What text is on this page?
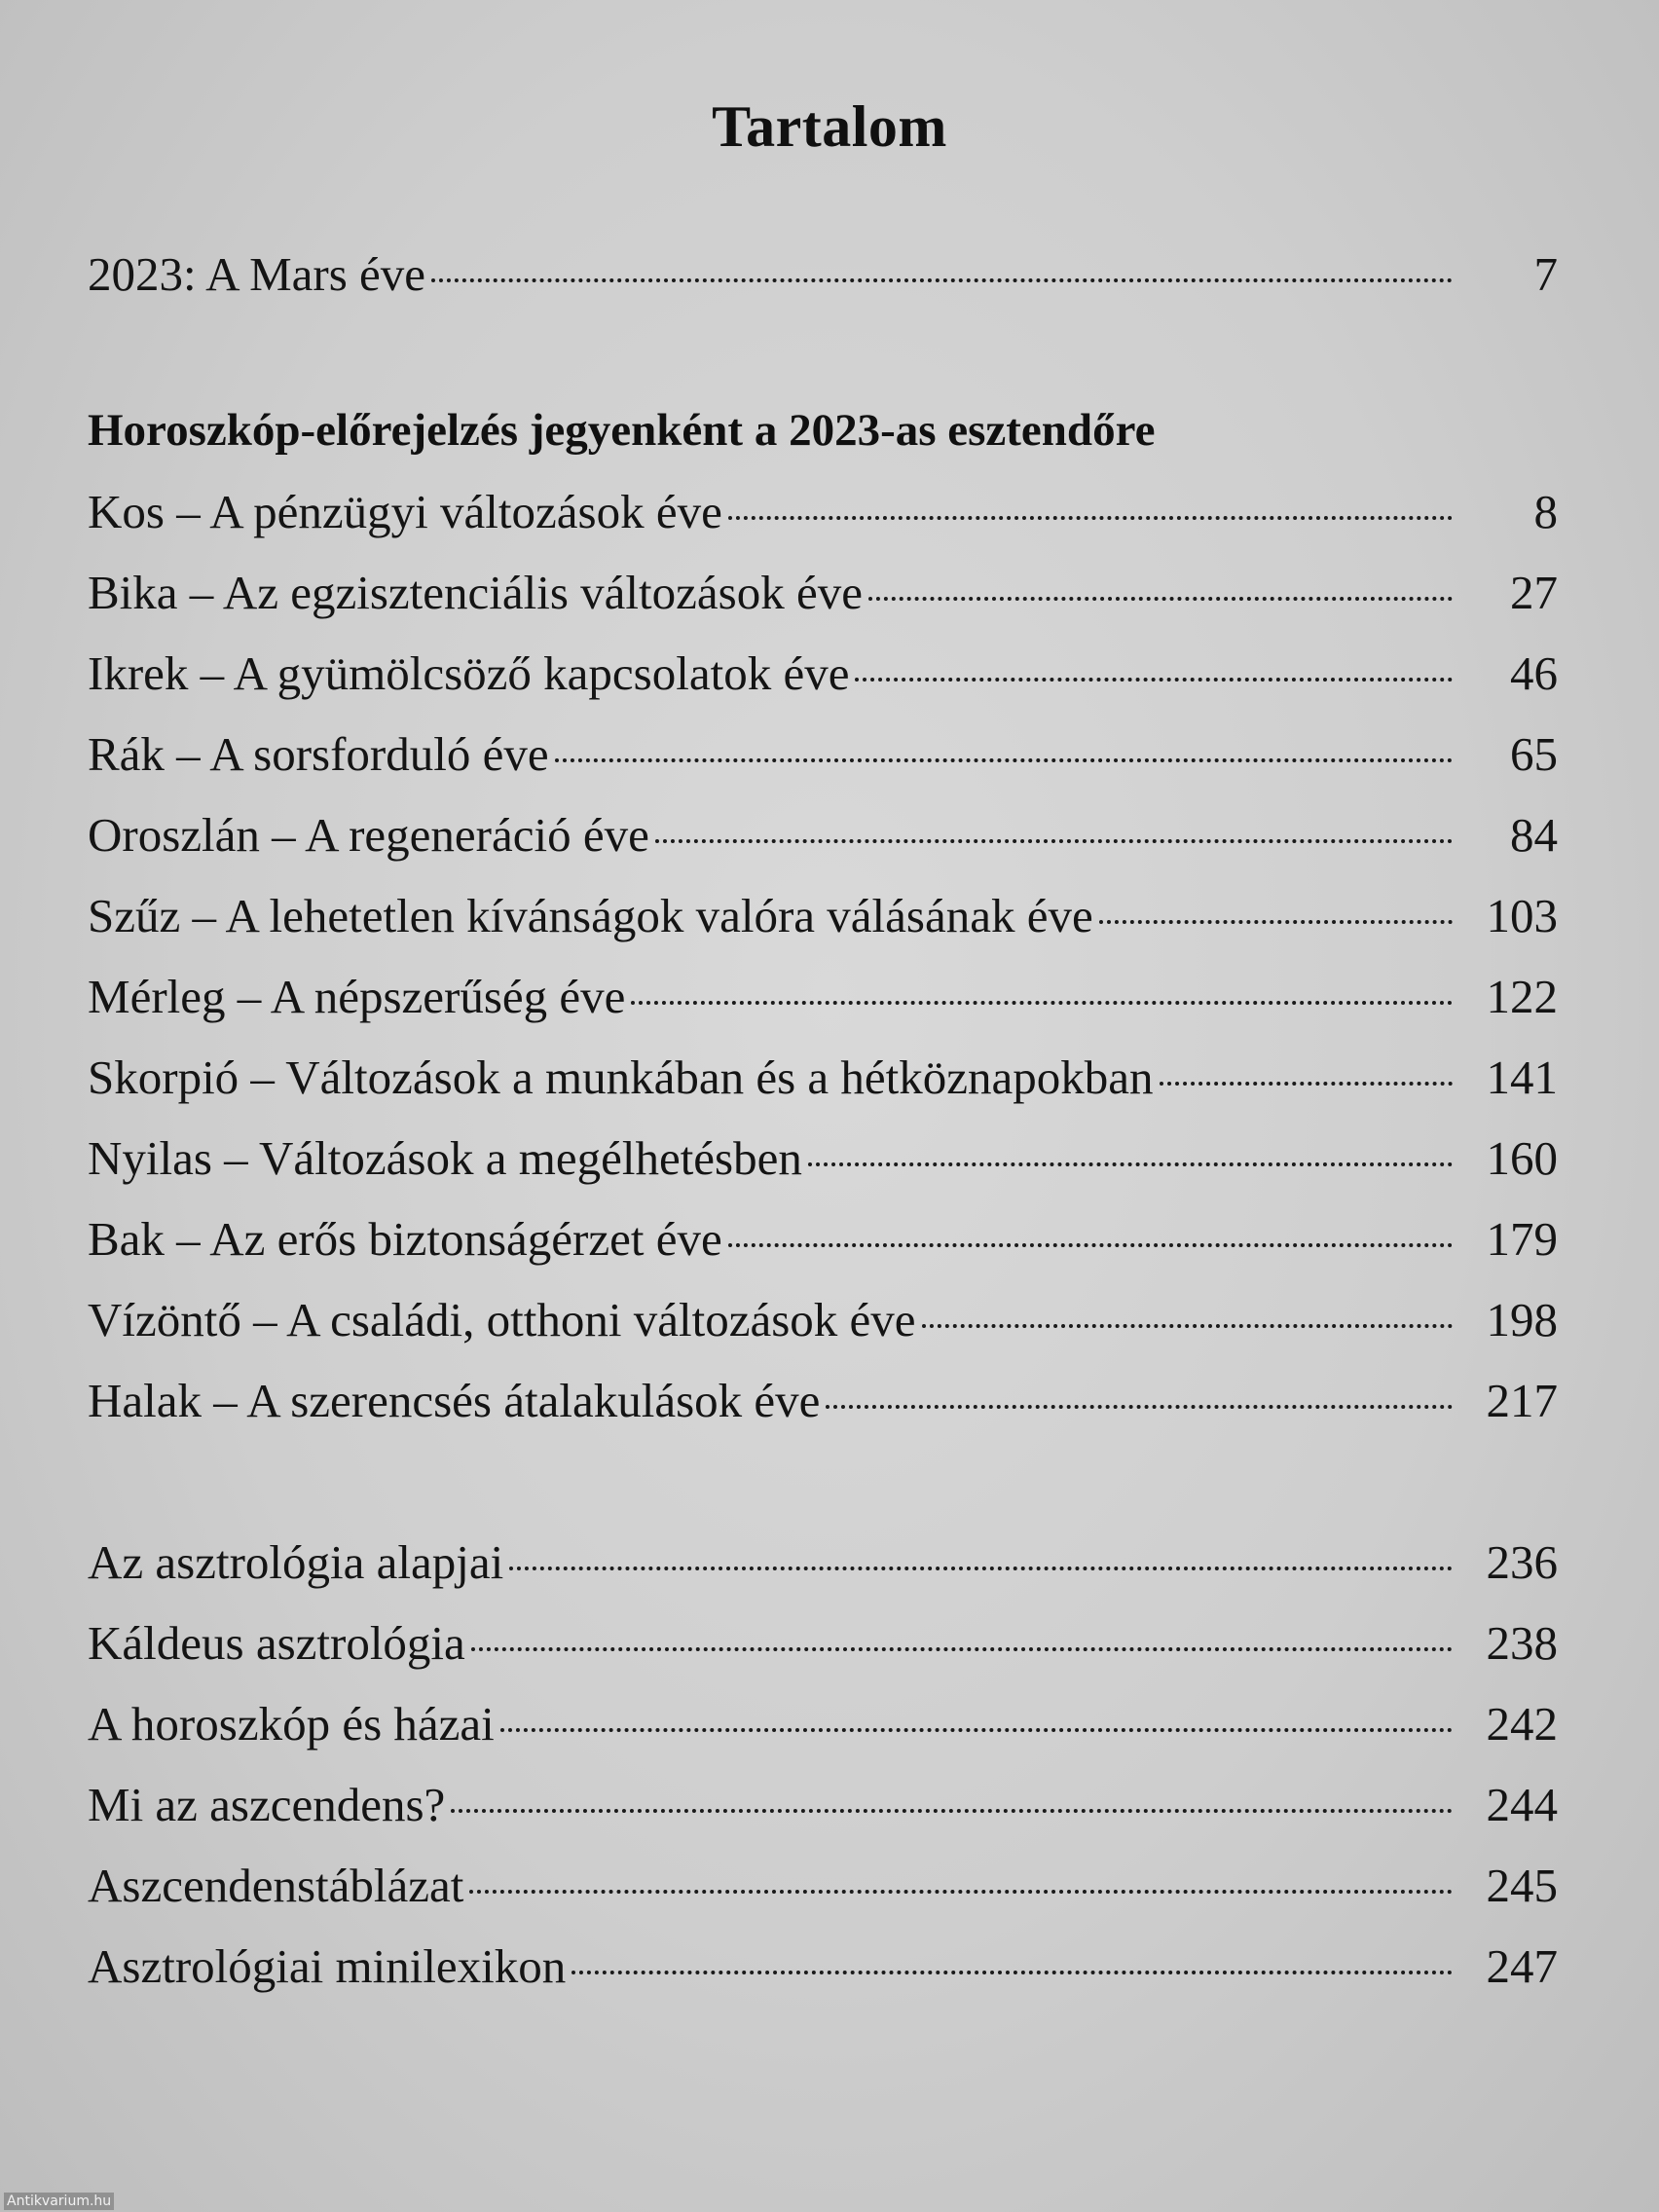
Tartalom
2023: A Mars éve	7
Horoszkóp-előrejelzés jegyenként a 2023-as esztendőre
Kos – A pénzügyi változások éve	8
Bika – Az egzisztenciális változások éve	27
Ikrek – A gyümölcsöző kapcsolatok éve	46
Rák – A sorsforduló éve	65
Oroszlán – A regeneráció éve	84
Szűz – A lehetetlen kívánságok valóra válásának éve	103
Mérleg – A népszerűség éve	122
Skorpió – Változások a munkában és a hétköznapokban	141
Nyilas – Változások a megélhetésben	160
Bak – Az erős biztonságérzet éve	179
Vízöntő – A családi, otthoni változások éve	198
Halak – A szerencsés átalakulások éve	217
Az asztrológia alapjai	236
Káldeus asztrológia	238
A horoszkóp és házai	242
Mi az aszcendens?	244
Aszcendenstáblázat	245
Asztrológiai minilexikon	247
Antikvarium.hu
